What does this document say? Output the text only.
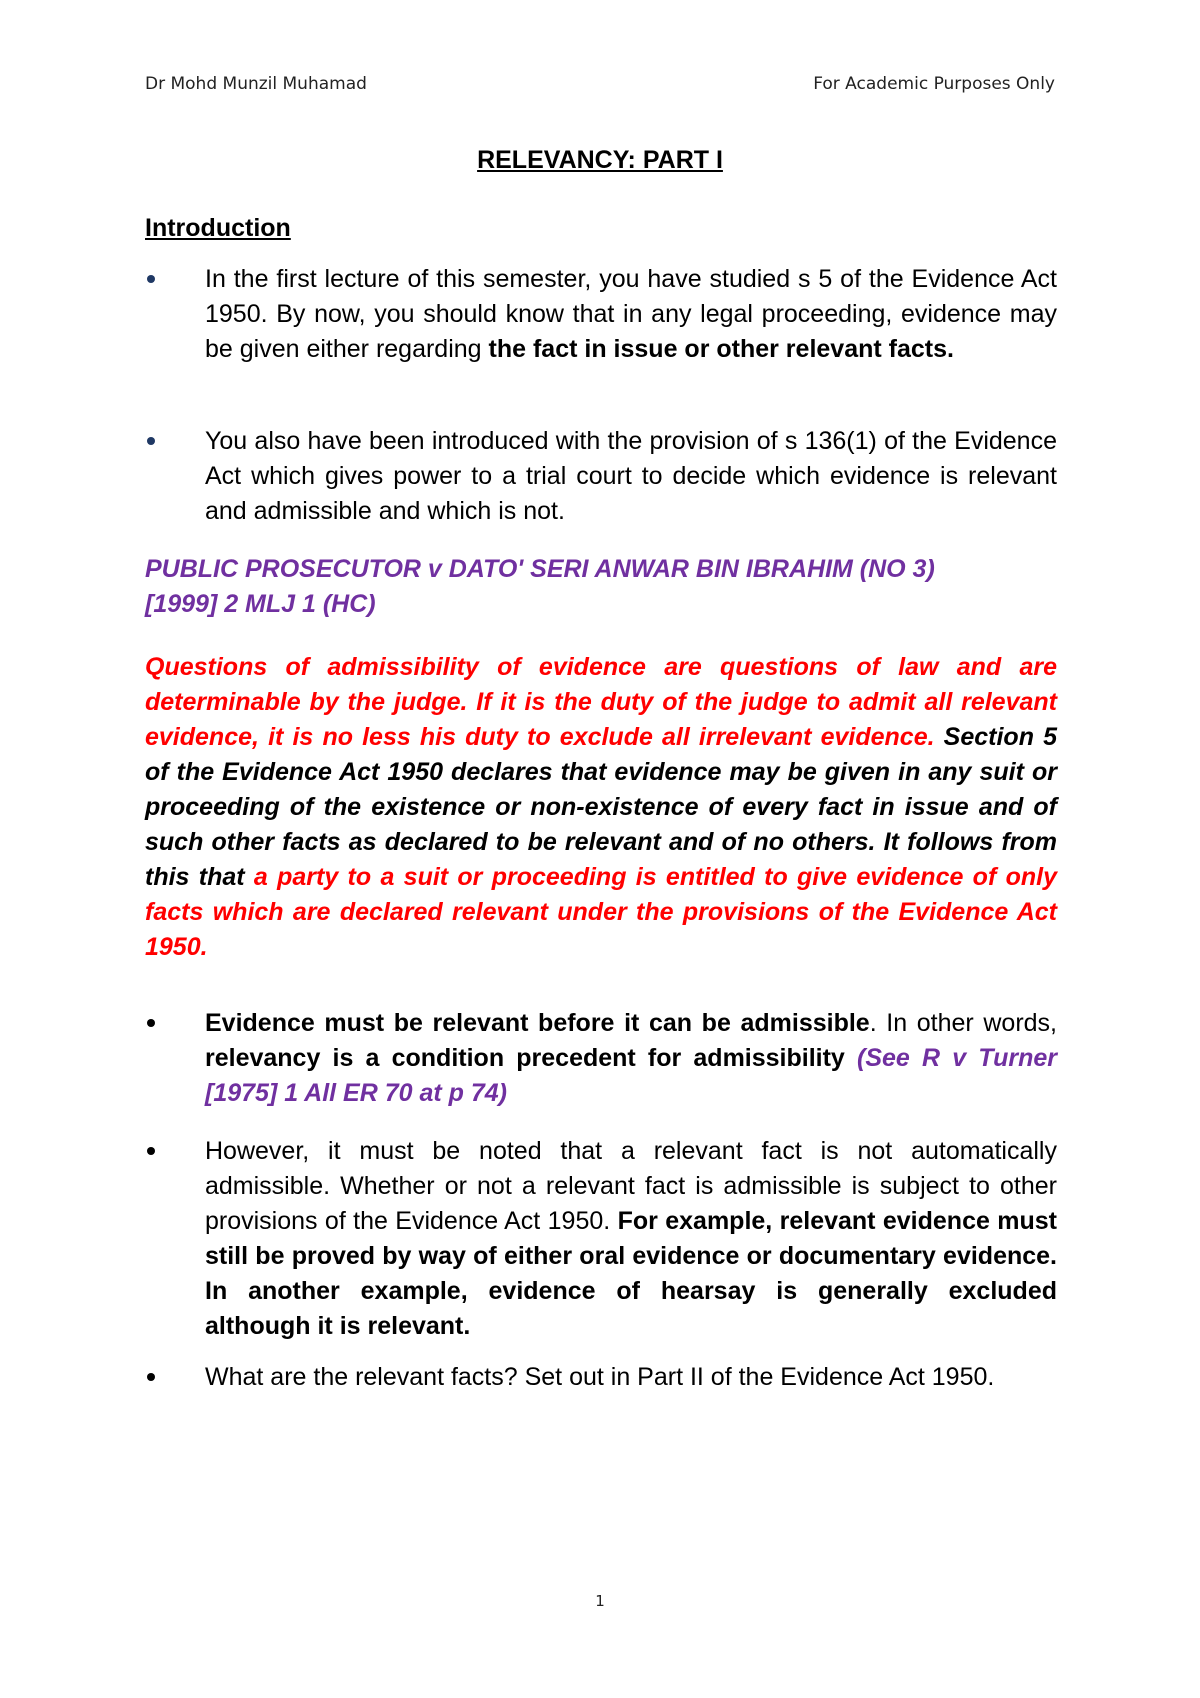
Dr Mohd Munzil Muhamad	For Academic Purposes Only
RELEVANCY: PART I
Introduction
In the first lecture of this semester, you have studied s 5 of the Evidence Act 1950. By now, you should know that in any legal proceeding, evidence may be given either regarding the fact in issue or other relevant facts.
You also have been introduced with the provision of s 136(1) of the Evidence Act which gives power to a trial court to decide which evidence is relevant and admissible and which is not.
PUBLIC PROSECUTOR v DATO' SERI ANWAR BIN IBRAHIM (NO 3)
[1999] 2 MLJ 1 (HC)
Questions of admissibility of evidence are questions of law and are determinable by the judge. If it is the duty of the judge to admit all relevant evidence, it is no less his duty to exclude all irrelevant evidence. Section 5 of the Evidence Act 1950 declares that evidence may be given in any suit or proceeding of the existence or non-existence of every fact in issue and of such other facts as declared to be relevant and of no others. It follows from this that a party to a suit or proceeding is entitled to give evidence of only facts which are declared relevant under the provisions of the Evidence Act 1950.
Evidence must be relevant before it can be admissible. In other words, relevancy is a condition precedent for admissibility (See R v Turner [1975] 1 All ER 70 at p 74)
However, it must be noted that a relevant fact is not automatically admissible. Whether or not a relevant fact is admissible is subject to other provisions of the Evidence Act 1950. For example, relevant evidence must still be proved by way of either oral evidence or documentary evidence. In another example, evidence of hearsay is generally excluded although it is relevant.
What are the relevant facts? Set out in Part II of the Evidence Act 1950.
1
